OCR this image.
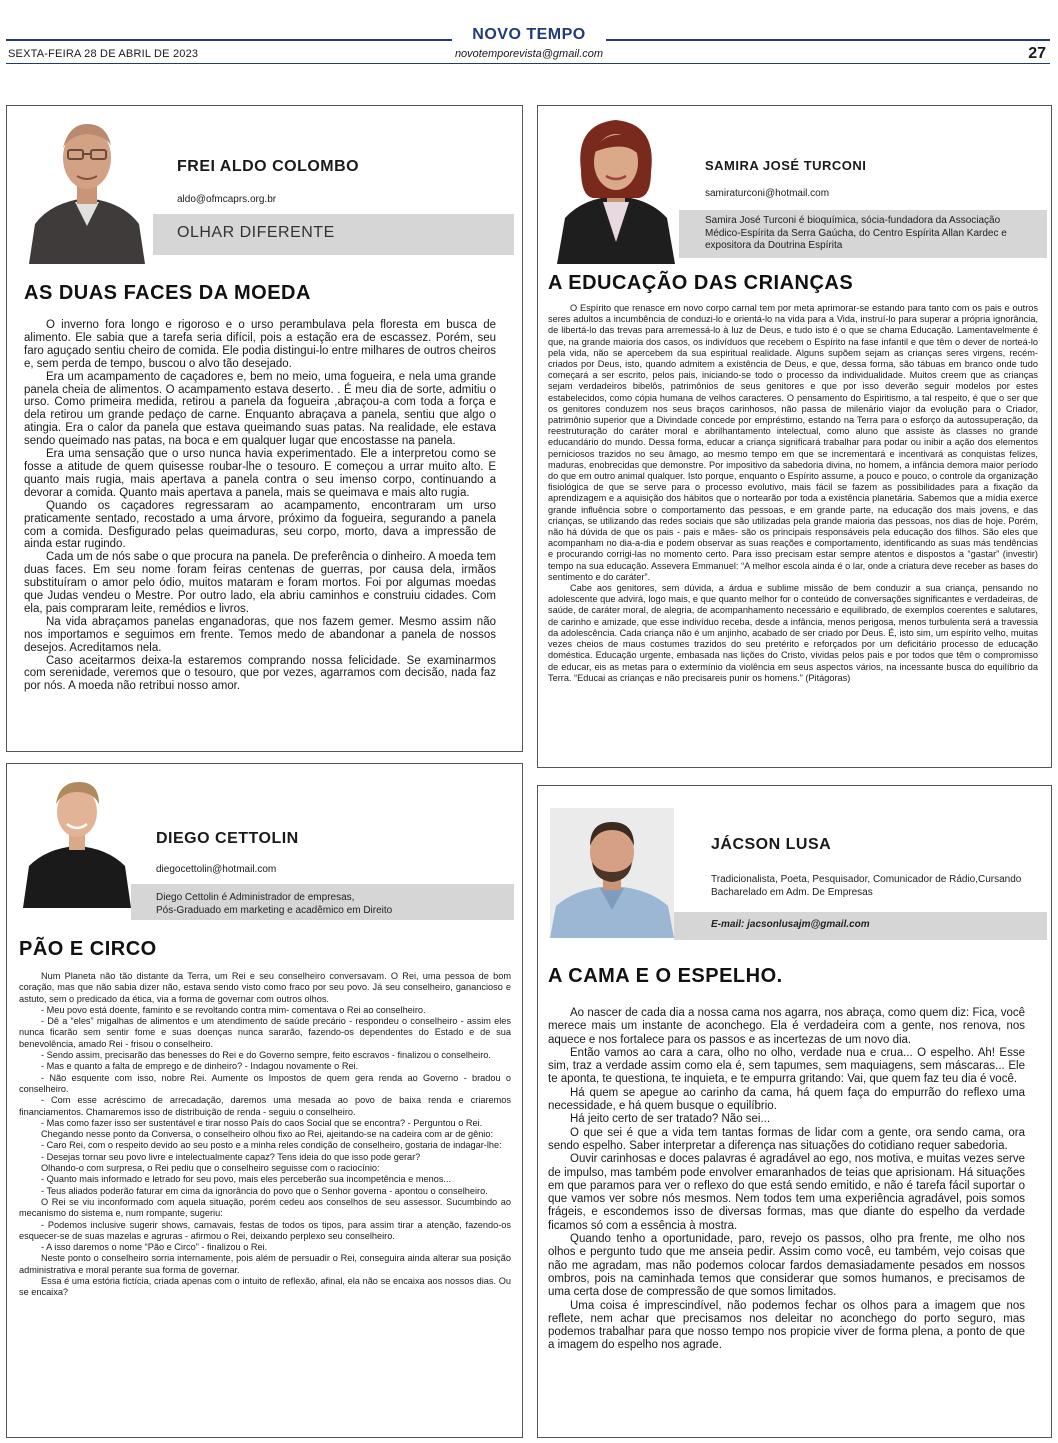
NOVO TEMPO
novotemporevista@gmail.com
SEXTA-FEIRA 28 DE ABRIL DE 2023	27
FREI ALDO COLOMBO
aldo@ofmcaprs.org.br
OLHAR DIFERENTE
AS DUAS FACES DA MOEDA

O inverno fora longo e rigoroso e o urso perambulava pela floresta em busca de alimento. Ele sabia que a tarefa seria difícil, pois a estação era de escassez. Porém, seu faro aguçado sentiu cheiro de comida. Ele podia distingui-lo entre milhares de outros cheiros e, sem perda de tempo, buscou o alvo tão desejado.

Era um acampamento de caçadores e, bem no meio, uma fogueira, e nela uma grande panela cheia de alimentos. O acampamento estava deserto. . É meu dia de sorte, admitiu o urso. Como primeira medida, retirou a panela da fogueira ,abraçou-a com toda a força e dela retirou um grande pedaço de carne. Enquanto abraçava a panela, sentiu que algo o atingia. Era o calor da panela que estava queimando suas patas. Na realidade, ele estava sendo queimado nas patas, na boca e em qualquer lugar que encostasse na panela.

Era uma sensação que o urso nunca havia experimentado. Ele a interpretou como se fosse a atitude de quem quisesse roubar-lhe o tesouro. E começou a urrar muito alto. E quanto mais rugia, mais apertava a panela contra o seu imenso corpo, continuando a devorar a comida. Quanto mais apertava a panela, mais se queimava e mais alto rugia.

Quando os caçadores regressaram ao acampamento, encontraram um urso praticamente sentado, recostado a uma árvore, próximo da fogueira, segurando a panela com a comida. Desfigurado pelas queimaduras, seu corpo, morto, dava a impressão de ainda estar rugindo.

Cada um de nós sabe o que procura na panela. De preferência o dinheiro. A moeda tem duas faces. Em seu nome foram feiras centenas de guerras, por causa dela, irmãos substituíram o amor pelo ódio, muitos mataram e foram mortos. Foi por algumas moedas que Judas vendeu o Mestre. Por outro lado, ela abriu caminhos e construiu cidades. Com ela, pais compraram leite, remédios e livros.

Na vida abraçamos panelas enganadoras, que nos fazem gemer. Mesmo assim não nos importamos e seguimos em frente. Temos medo de abandonar a panela de nossos desejos. Acreditamos nela.

Caso aceitarmos deixa-la estaremos comprando nossa felicidade. Se examinarmos com serenidade, veremos que o tesouro, que por vezes, agarramos com decisão, nada faz por nós. A moeda não retribui nosso amor.

SAMIRA JOSÉ TURCONI
samiraturconi@hotmail.com
Samira José Turconi é bioquímica, sócia-fundadora da Associação Médico-Espírita da Serra Gaúcha, do Centro Espírita Allan Kardec e expositora da Doutrina Espírita
A EDUCAÇÃO DAS CRIANÇAS

O Espírito que renasce em novo corpo carnal tem por meta aprimorar-se estando para tanto com os pais e outros seres adultos a incumbência de conduzi-lo e orientá-lo na vida para a Vida, instruí-lo para superar a própria ignorância, de libertá-lo das trevas para arremessá-lo à luz de Deus, e tudo isto é o que se chama Educação. Lamentavelmente é que, na grande maioria dos casos, os indivíduos que recebem o Espírito na fase infantil e que têm o dever de norteá-lo pela vida, não se apercebem da sua espiritual realidade. Alguns supõem sejam as crianças seres virgens, recém-criados por Deus, isto, quando admitem a existência de Deus, e que, dessa forma, são tábuas em branco onde tudo começará a ser escrito, pelos pais, iniciando-se todo o processo da individualidade. Muitos creem que as crianças sejam verdadeiros bibelôs, patrimônios de seus genitores e que por isso deverão seguir modelos por estes estabelecidos, como cópia humana de velhos caracteres. O pensamento do Espiritismo, a tal respeito, é que o ser que os genitores conduzem nos seus braços carinhosos, não passa de milenário viajor da evolução para o Criador, patrimônio superior que a Divindade concede por empréstimo, estando na Terra para o esforço da autossuperação, da reestruturação do caráter moral e abrilhantamento intelectual, como aluno que assiste às classes no grande educandário do mundo. Dessa forma, educar a criança significará trabalhar para podar ou inibir a ação dos elementos perniciosos trazidos no seu âmago, ao mesmo tempo em que se incrementará e incentivará as conquistas felizes, maduras, enobrecidas que demonstre. Por impositivo da sabedoria divina, no homem, a infância demora maior período do que em outro animal qualquer. Isto porque, enquanto o Espírito assume, a pouco e pouco, o controle da organização fisiológica de que se serve para o processo evolutivo, mais fácil se fazem as possibilidades para a fixação da aprendizagem e a aquisição dos hábitos que o nortearão por toda a existência planetária. Sabemos que a mídia exerce grande influência sobre o comportamento das pessoas, e em grande parte, na educação dos mais jovens, e das crianças, se utilizando das redes sociais que são utilizadas pela grande maioria das pessoas, nos dias de hoje. Porém, não há dúvida de que os pais - pais e mães- são os principais responsáveis pela educação dos filhos. São eles que acompanham no dia-a-dia e podem observar as suas reações e comportamento, identificando as suas más tendências e procurando corrigi-las no momento certo. Para isso precisam estar sempre atentos e dispostos a “gastar” (investir) tempo na sua educação. Assevera Emmanuel: “A melhor escola ainda é o lar, onde a criatura deve receber as bases do sentimento e do caráter”.

Cabe aos genitores, sem dúvida, a árdua e sublime missão de bem conduzir a sua criança, pensando no adolescente que advirá, logo mais, e que quanto melhor for o conteúdo de conversações significantes e verdadeiras, de saúde, de caráter moral, de alegria, de acompanhamento necessário e equilibrado, de exemplos coerentes e salutares, de carinho e amizade, que esse indivíduo receba, desde a infância, menos perigosa, menos turbulenta será a travessia da adolescência. Cada criança não é um anjinho, acabado de ser criado por Deus. É, isto sim, um espírito velho, muitas vezes cheios de maus costumes trazidos do seu pretérito e reforçados por um deficitário processo de educação doméstica. Educação urgente, embasada nas lições do Cristo, vividas pelos pais e por todos que têm o compromisso de educar, eis as metas para o extermínio da violência em seus aspectos vários, na incessante busca do equilíbrio da Terra. “Educai as crianças e não precisareis punir os homens.” (Pitágoras)

DIEGO CETTOLIN
diegocettolin@hotmail.com
Diego Cettolin é Administrador de empresas,
Pós-Graduado em marketing e acadêmico em Direito
PÃO E CIRCO

Num Planeta não tão distante da Terra, um Rei e seu conselheiro conversavam. O Rei, uma pessoa de bom coração, mas que não sabia dizer não, estava sendo visto como fraco por seu povo. Já seu conselheiro, ganancioso e astuto, sem o predicado da ética, via a forma de governar com outros olhos.

- Meu povo está doente, faminto e se revoltando contra mim- comentava o Rei ao conselheiro.

- Dê a “eles” migalhas de alimentos e um atendimento de saúde precário - respondeu o conselheiro - assim eles nunca ficarão sem sentir fome e suas doenças nunca sararão, fazendo-os dependentes do Estado e de sua benevolência, amado Rei - frisou o conselheiro.

- Sendo assim, precisarão das benesses do Rei e do Governo sempre, feito escravos - finalizou o conselheiro.

- Mas e quanto a falta de emprego e de dinheiro? - Indagou novamente o Rei.

- Não esquente com isso, nobre Rei. Aumente os Impostos de quem gera renda ao Governo - bradou o conselheiro.

- Com esse acréscimo de arrecadação, daremos uma mesada ao povo de baixa renda e criaremos financiamentos. Chamaremos isso de distribuição de renda - seguiu o conselheiro.

- Mas como fazer isso ser sustentável e tirar nosso País do caos Social que se encontra? - Perguntou o Rei.

Chegando nesse ponto da Conversa, o conselheiro olhou fixo ao Rei, ajeitando-se na cadeira com ar de gênio:

- Caro Rei, com o respeito devido ao seu posto e a minha reles condição de conselheiro, gostaria de indagar-lhe:

- Desejas tornar seu povo livre e intelectualmente capaz? Tens ideia do que isso pode gerar?

Olhando-o com surpresa, o Rei pediu que o conselheiro seguisse com o raciocínio:

- Quanto mais informado e letrado for seu povo, mais eles perceberão sua incompetência e menos...

- Teus aliados poderão faturar em cima da ignorância do povo que o Senhor governa - apontou o conselheiro.

O Rei se viu inconformado com aquela situação, porém cedeu aos conselhos de seu assessor. Sucumbindo ao mecanismo do sistema e, num rompante, sugeriu:

- Podemos inclusive sugerir shows, carnavais, festas de todos os tipos, para assim tirar a atenção, fazendo-os esquecer-se de suas mazelas e agruras - afirmou o Rei, deixando perplexo seu conselheiro.

- A isso daremos o nome “Pão e Circo” - finalizou o Rei.

Neste ponto o conselheiro sorria internamente, pois além de persuadir o Rei, conseguira ainda alterar sua posição administrativa e moral perante sua forma de governar.

Essa é uma estória fictícia, criada apenas com o intuito de reflexão, afinal, ela não se encaixa aos nossos dias. Ou se encaixa?

JÁCSON LUSA
Tradicionalista, Poeta, Pesquisador, Comunicador de Rádio,Cursando
Bacharelado em Adm. De Empresas
E-mail: jacsonlusajm@gmail.com
A CAMA E O ESPELHO.

Ao nascer de cada dia a nossa cama nos agarra, nos abraça, como quem diz: Fica, você merece mais um instante de aconchego. Ela é verdadeira com a gente, nos renova, nos aquece e nos fortalece para os passos e as incertezas de um novo dia.

Então vamos ao cara a cara, olho no olho, verdade nua e crua... O espelho. Ah! Esse sim, traz a verdade assim como ela é, sem tapumes, sem maquiagens, sem máscaras... Ele te aponta, te questiona, te inquieta, e te empurra gritando: Vai, que quem faz teu dia é você.

Há quem se apegue ao carinho da cama, há quem faça do empurrão do reflexo uma necessidade, e há quem busque o equilíbrio.

Há jeito certo de ser tratado? Não sei...

O que sei é que a vida tem tantas formas de lidar com a gente, ora sendo cama, ora sendo espelho. Saber interpretar a diferença nas situações do cotidiano requer sabedoria.

Ouvir carinhosas e doces palavras é agradável ao ego, nos motiva, e muitas vezes serve de impulso, mas também pode envolver emaranhados de teias que aprisionam. Há situações em que paramos para ver o reflexo do que está sendo emitido, e não é tarefa fácil suportar o que vamos ver sobre nós mesmos. Nem todos tem uma experiência agradável, pois somos frágeis, e escondemos isso de diversas formas, mas que diante do espelho da verdade ficamos só com a essência à mostra.

Quando tenho a oportunidade, paro, revejo os passos, olho pra frente, me olho nos olhos e pergunto tudo que me anseia pedir. Assim como você, eu também, vejo coisas que não me agradam, mas não podemos colocar fardos demasiadamente pesados em nossos ombros, pois na caminhada temos que considerar que somos humanos, e precisamos de uma certa dose de compressão de que somos limitados.

Uma coisa é imprescindível, não podemos fechar os olhos para a imagem que nos reflete, nem achar que precisamos nos deleitar no aconchego do porto seguro, mas podemos trabalhar para que nosso tempo nos propicie viver de forma plena, a ponto de que a imagem do espelho nos agrade.
